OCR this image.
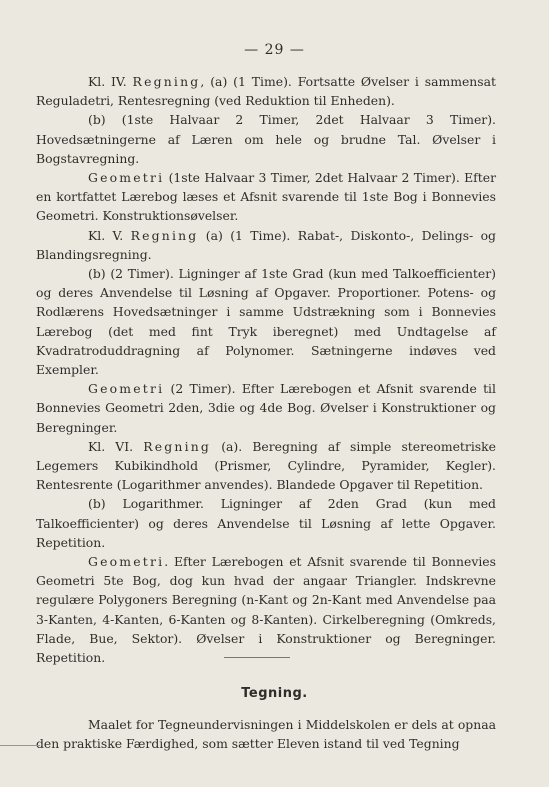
— 29 —

Kl. IV. Regning, (a) (1 Time). Fortsatte Øvelser i sammensat Reguladetri, Rentesregning (ved Reduktion til Enheden).

(b) (1ste Halvaar 2 Timer, 2det Halvaar 3 Timer). Hovedsætningerne af Læren om hele og brudne Tal. Øvelser i Bogstavregning.

Geometri (1ste Halvaar 3 Timer, 2det Halvaar 2 Timer). Efter en kortfattet Lærebog læses et Afsnit svarende til 1ste Bog i Bonnevies Geometri. Konstruktionsøvelser.

Kl. V. Regning (a) (1 Time). Rabat-, Diskonto-, Delings- og Blandingsregning.

(b) (2 Timer). Ligninger af 1ste Grad (kun med Talkoefficienter) og deres Anvendelse til Løsning af Opgaver. Proportioner. Potens- og Rodlærens Hovedsætninger i samme Udstrækning som i Bonnevies Lærebog (det med fint Tryk iberegnet) med Undtagelse af Kvadratroduddragning af Polynomer. Sætningerne indøves ved Exempler.

Geometri (2 Timer). Efter Lærebogen et Afsnit svarende til Bonnevies Geometri 2den, 3die og 4de Bog. Øvelser i Konstruktioner og Beregninger.

Kl. VI. Regning (a). Beregning af simple stereometriske Legemers Kubikindhold (Prismer, Cylindre, Pyramider, Kegler). Rentesrente (Logarithmer anvendes). Blandede Opgaver til Repetition.

(b) Logarithmer. Ligninger af 2den Grad (kun med Talkoefficienter) og deres Anvendelse til Løsning af lette Opgaver. Repetition.

Geometri. Efter Lærebogen et Afsnit svarende til Bonnevies Geometri 5te Bog, dog kun hvad der angaar Triangler. Indskrevne regulære Polygoners Beregning (n-Kant og 2n-Kant med Anvendelse paa 3-Kanten, 4-Kanten, 6-Kanten og 8-Kanten). Cirkelberegning (Omkreds, Flade, Bue, Sektor). Øvelser i Konstruktioner og Beregninger. Repetition.

Tegning.

Maalet for Tegneundervisningen i Middelskolen er dels at opnaa den praktiske Færdighed, som sætter Eleven istand til ved Tegning
